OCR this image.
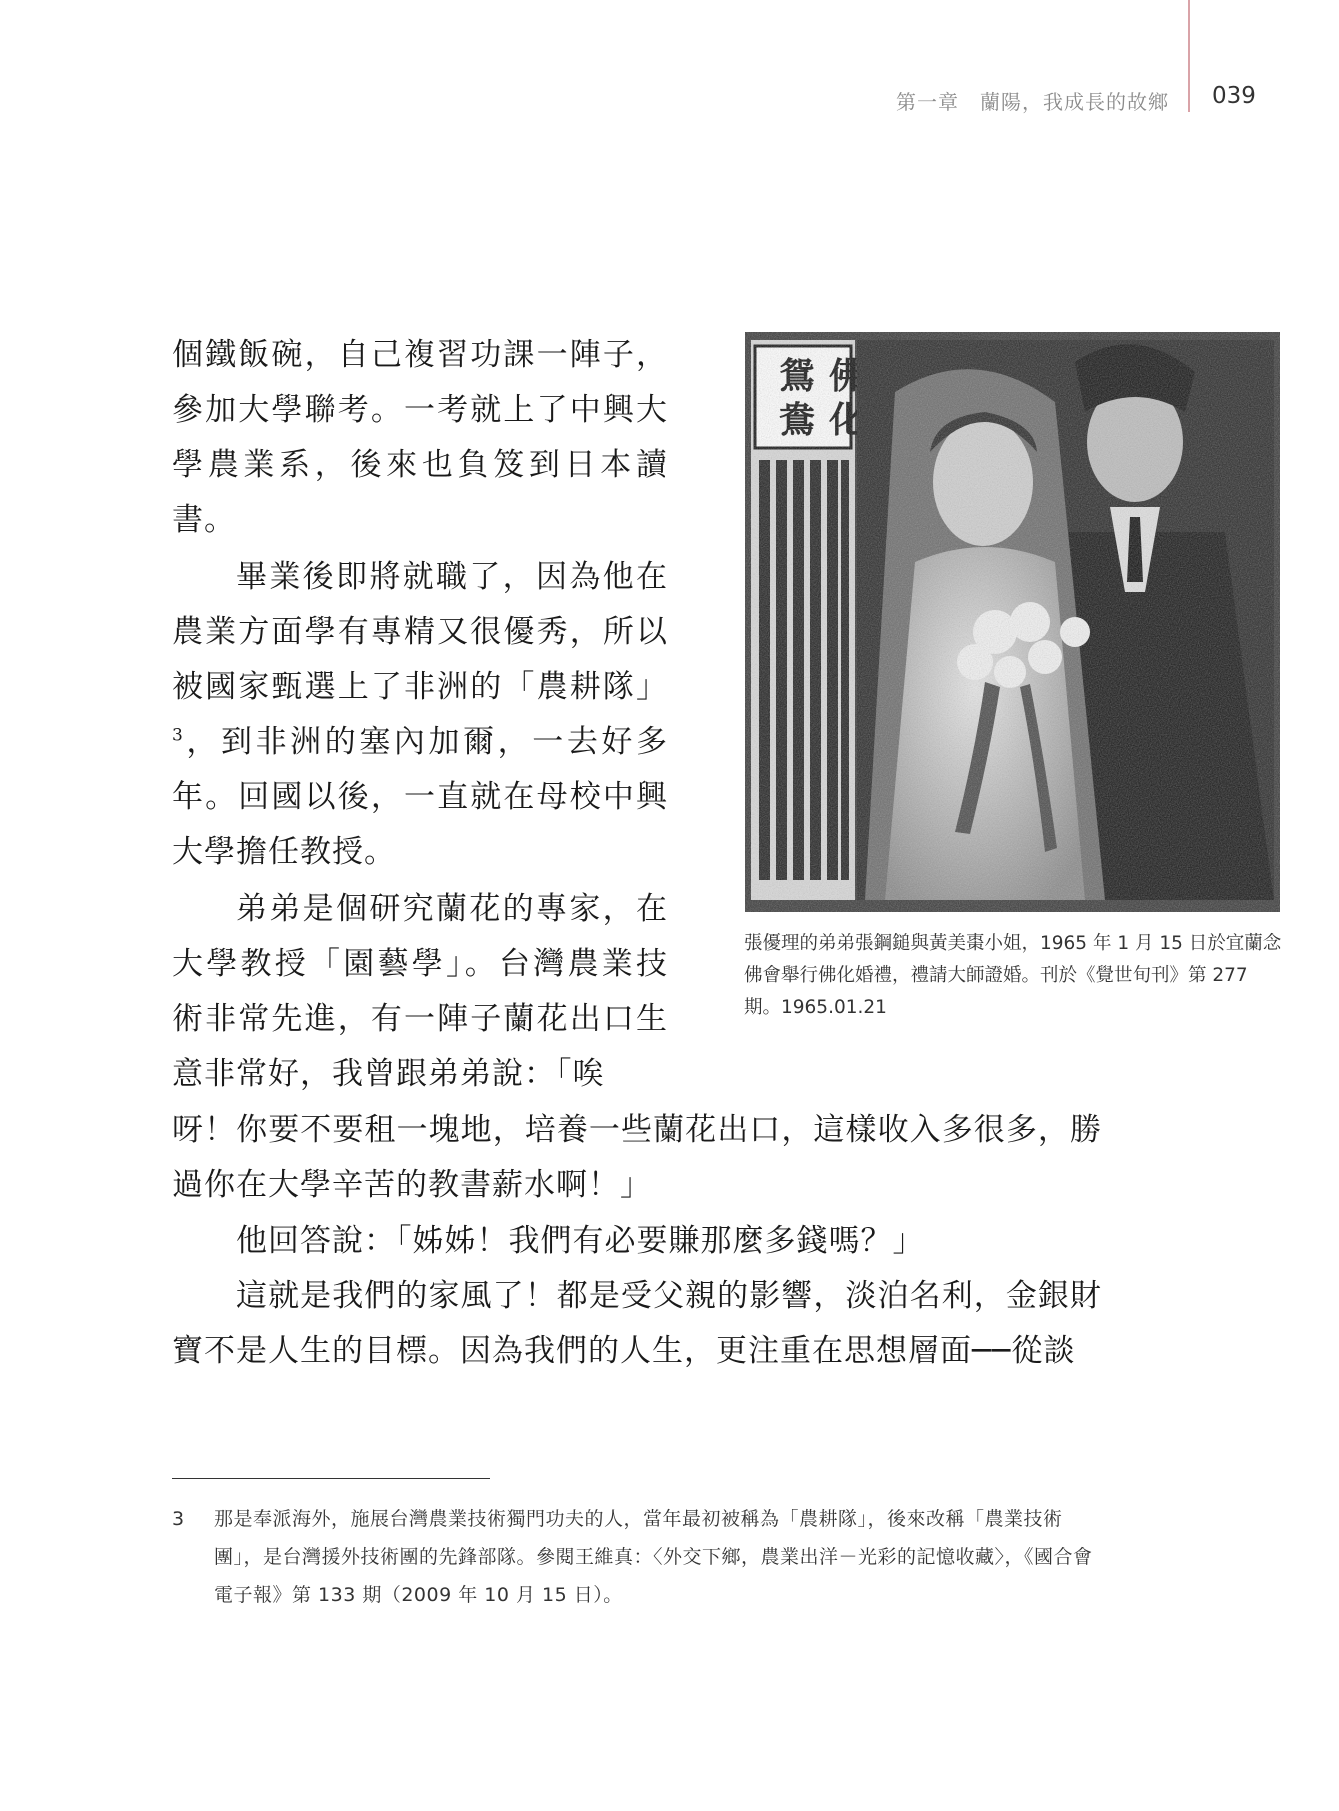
第一章　蘭陽，我成長的故鄉 039

個鐵飯碗，自己複習功課一陣子，參加大學聯考。一考就上了中興大學農業系，後來也負笈到日本讀書。

畢業後即將就職了，因為他在農業方面學有專精又很優秀，所以被國家甄選上了非洲的「農耕隊」$^3$，到非洲的塞內加爾，一去好多年。回國以後，一直就在母校中興大學擔任教授。

弟弟是個研究蘭花的專家，在大學教授「園藝學」。台灣農業技術非常先進，有一陣子蘭花出口生意非常好，我曾跟弟弟說：「唉

呀！你要不要租一塊地，培養一些蘭花出口，這樣收入多很多，勝過你在大學辛苦的教書薪水啊！」

他回答說：「姊姊！我們有必要賺那麼多錢嗎？」

這就是我們的家風了！都是受父親的影響，淡泊名利，金銀財寶不是人生的目標。因為我們的人生，更注重在思想層面──從談

張優理的弟弟張鋼鎚與黃美棗小姐，1965 年 1 月 15 日於宜蘭念佛會舉行佛化婚禮，禮請大師證婚。刊於《覺世旬刊》第 277 期。1965.01.21

3 那是奉派海外，施展台灣農業技術獨門功夫的人，當年最初被稱為「農耕隊」，後來改稱「農業技術團」，是台灣援外技術團的先鋒部隊。參閱王維真：〈外交下鄉，農業出洋－光彩的記憶收藏〉，《國合會電子報》第 133 期（2009 年 10 月 15 日）。
